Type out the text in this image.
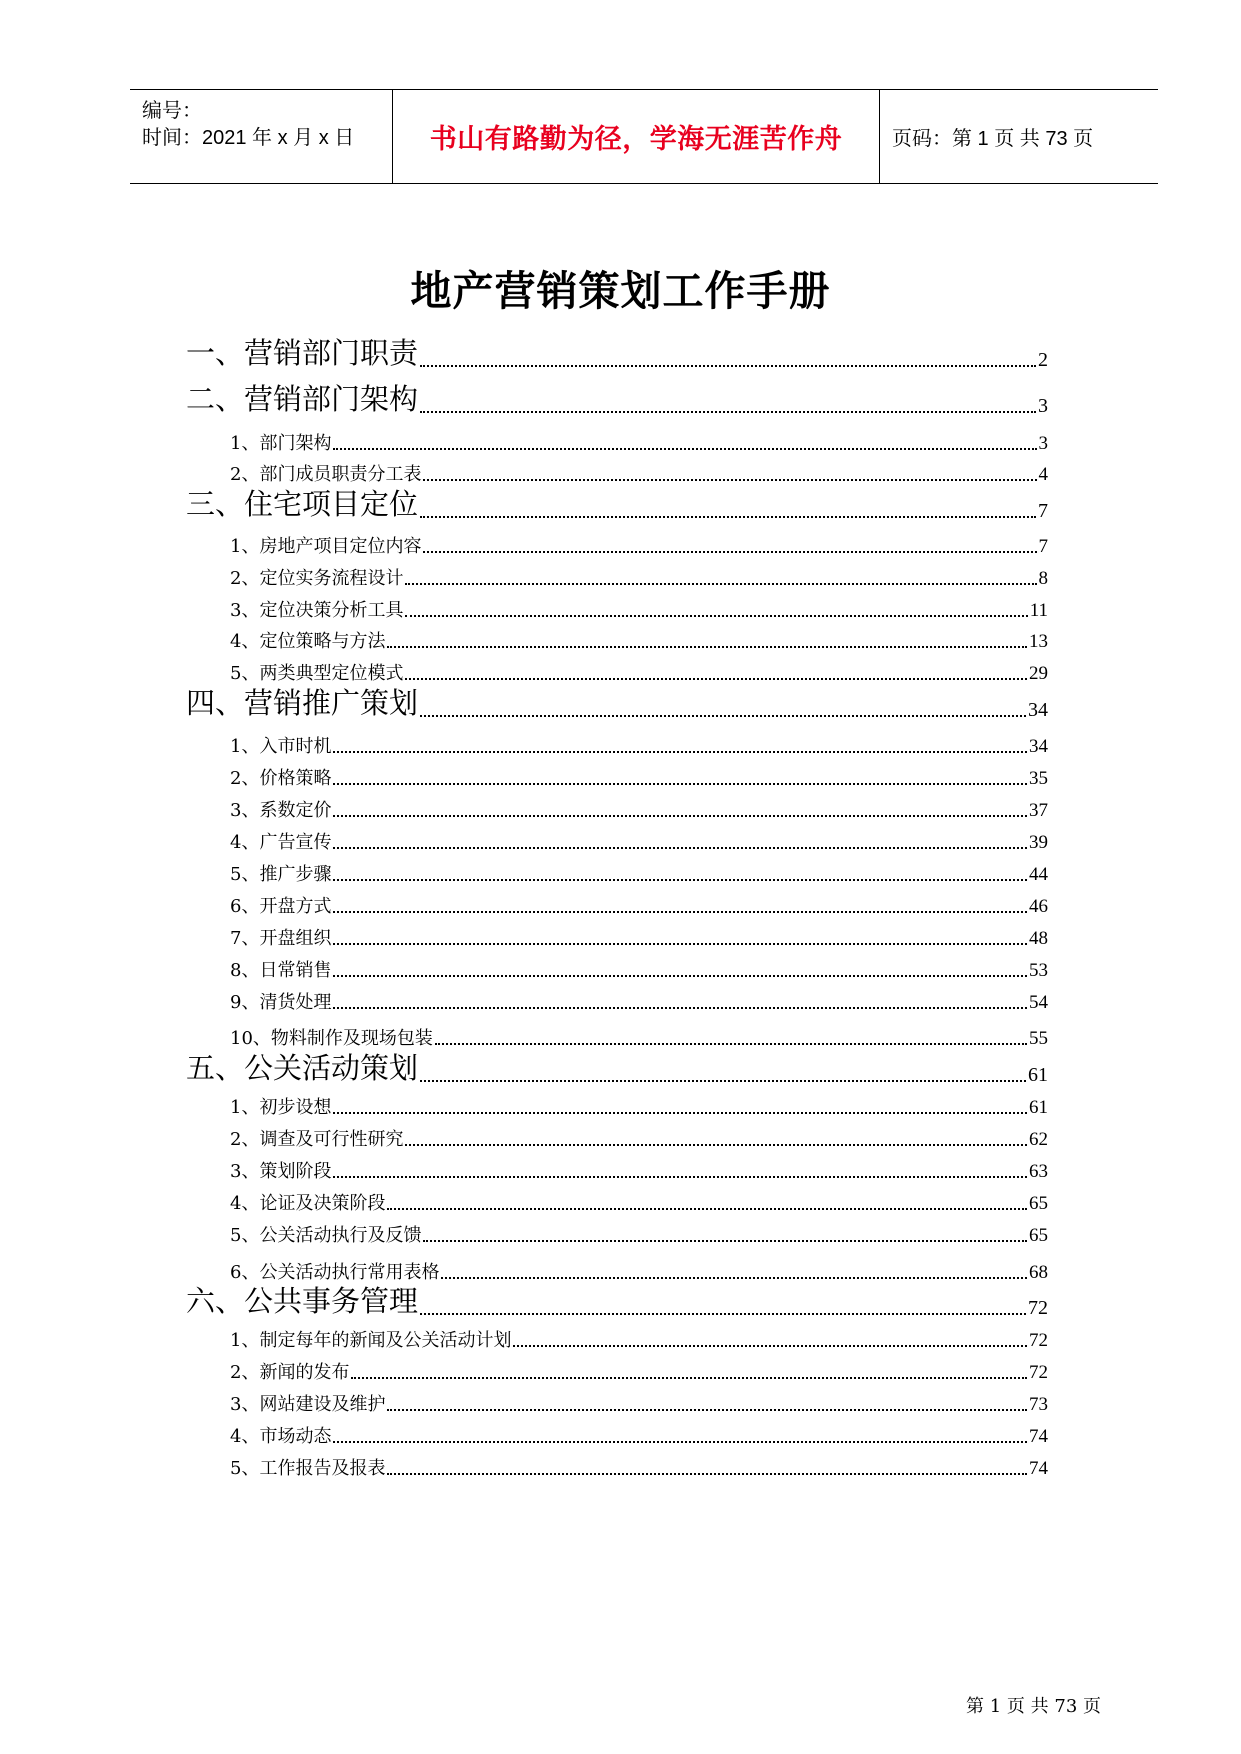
编号：
时间：2021 年 x 月 x 日	书山有路勤为径，学海无涯苦作舟 页码：第 1 页 共 73 页
地产营销策划工作手册
一、营销部门职责	2
二、营销部门架构	3
1、部门架构	3
2、部门成员职责分工表	4
三、住宅项目定位	7
1、房地产项目定位内容	7
2、定位实务流程设计	8
3、定位决策分析工具	11
4、定位策略与方法	13
5、两类典型定位模式	29
四、营销推广策划	34
1、入市时机	34
2、价格策略	35
3、系数定价	37
4、广告宣传	39
5、推广步骤	44
6、开盘方式	46
7、开盘组织	48
8、日常销售	53
9、清货处理	54
10、物料制作及现场包装	55
五、公关活动策划	61
1、初步设想	61
2、调查及可行性研究	62
3、策划阶段	63
4、论证及决策阶段	65
5、公关活动执行及反馈	65
6、公关活动执行常用表格	68
六、公共事务管理	72
1、制定每年的新闻及公关活动计划	72
2、新闻的发布	72
3、网站建设及维护	73
4、市场动态	74
5、工作报告及报表	74
第 1 页 共 73 页
